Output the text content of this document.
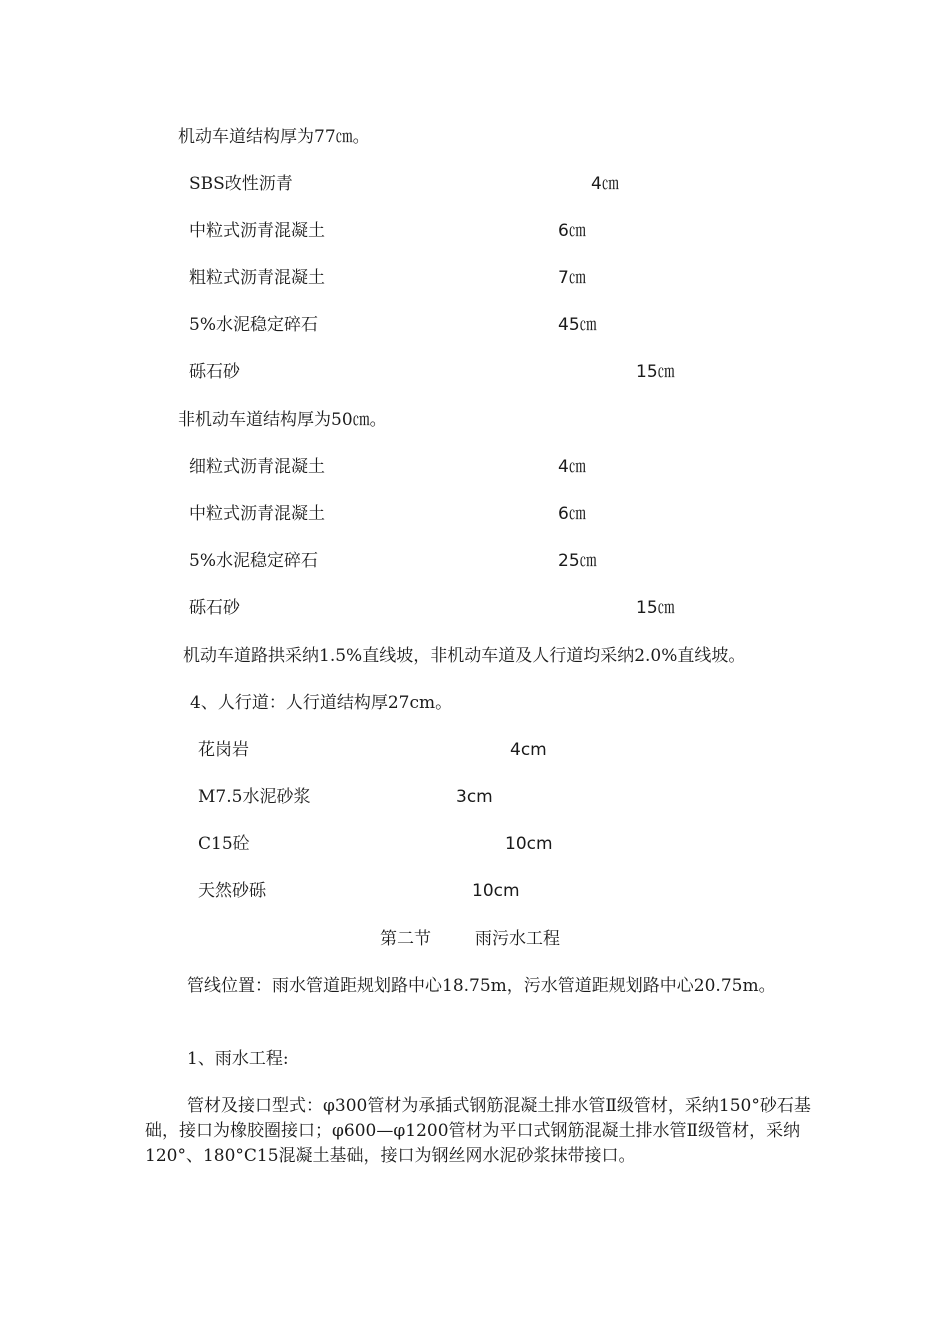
机动车道结构厚为77㎝。
SBS改性沥青	4㎝
中粒式沥青混凝土	6㎝
粗粒式沥青混凝土	7㎝
5%水泥稳定碎石	45㎝
砾石砂	15㎝
非机动车道结构厚为50㎝。
细粒式沥青混凝土	4㎝
中粒式沥青混凝土	6㎝
5%水泥稳定碎石	25㎝
砾石砂	15㎝
机动车道路拱采纳1.5%直线坡，非机动车道及人行道均采纳2.0%直线坡。
4、人行道：人行道结构厚27cm。
花岗岩	4cm
M7.5水泥砂浆	3cm
C15砼	10cm
天然砂砾	10cm
第二节	雨污水工程
管线位置：雨水管道距规划路中心18.75m，污水管道距规划路中心20.75m。
1、雨水工程:
管材及接口型式：φ300管材为承插式钢筋混凝土排水管Ⅱ级管材，采纳150°砂石基础，接口为橡胶圈接口；φ600—φ1200管材为平口式钢筋混凝土排水管Ⅱ级管材，采纳120°、180°C15混凝土基础，接口为钢丝网水泥砂浆抹带接口。
